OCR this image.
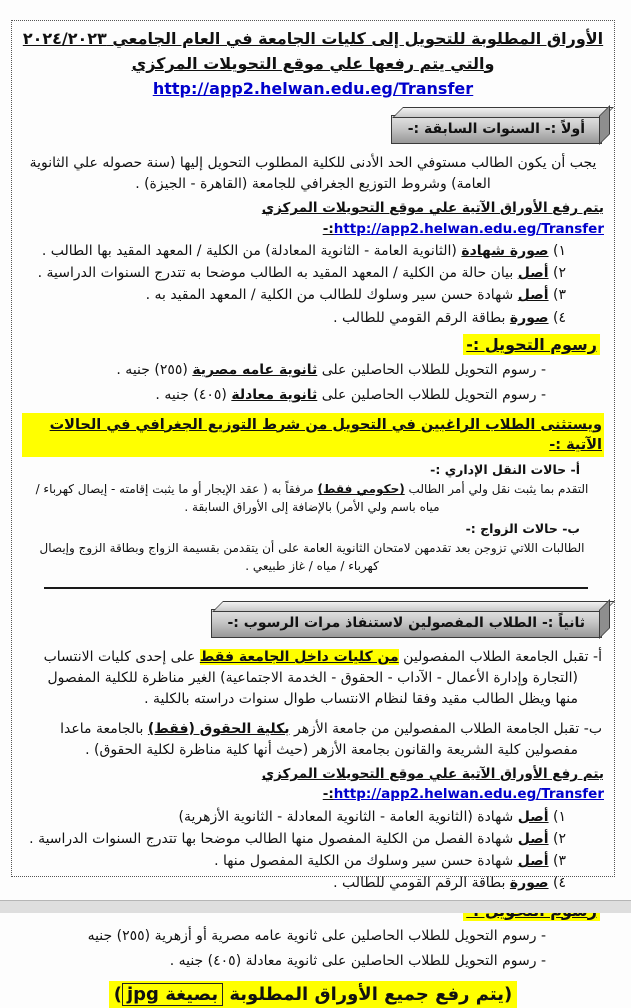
الأوراق المطلوبة للتحويل إلى كليات الجامعة في العام الجامعي ٢٠٢٤/٢٠٢٣ والتي يتم رفعها علي موقع التحويلات المركزي http://app2.helwan.edu.eg/Transfer

أولاً :- السنوات السابقة :-

يجب أن يكون الطالب مستوفي الحد الأدنى للكلية المطلوب التحويل إليها (سنة حصوله علي الثانوية العامة) وشروط التوزيع الجغرافي للجامعة (القاهرة - الجيزة) .

يتم رفع الأوراق الآتية علي موقع التحويلات المركزي http://app2.helwan.edu.eg/Transfer:-

١) صورة شهادة (الثانوية العامة - الثانوية المعادلة) من الكلية / المعهد المقيد بها الطالب .

٢) أصل بيان حالة من الكلية / المعهد المقيد به الطالب موضحا به تتدرج السنوات الدراسية .

٣) أصل شهادة حسن سير وسلوك للطالب من الكلية / المعهد المقيد به .

٤) صورة بطاقة الرقم القومي للطالب .

رسوم التحويل :-

- رسوم التحويل للطلاب الحاصلين على ثانوية عامه مصرية (٢٥٥) جنيه .

- رسوم التحويل للطلاب الحاصلين على ثانوية معادلة (٤٠٥) جنيه .

ويستثنى الطلاب الراغبين في التحويل من شرط التوزيع الجغرافي في الحالات الآتية :-

أ- حالات النقل الإداري :-

التقدم بما يثبت نقل ولي أمر الطالب (حكومي فقط) مرفقاً به ( عقد الإيجار أو ما يثبت إقامته - إيصال كهرباء / مياه باسم ولي الأمر) بالإضافة إلى الأوراق السابقة .

ب- حالات الزواج :-

الطالبات اللاتي تزوجن بعد تقدمهن لامتحان الثانوية العامة على أن يتقدمن بقسيمة الزواج وبطاقة الزوج وإيصال كهرباء / مياه / غاز طبيعي .

ثانياً :- الطلاب المفصولين لاستنفاذ مرات الرسوب :-

أ- تقبل الجامعة الطلاب المفصولين من كليات داخل الجامعة فقط على إحدى كليات الانتساب (التجارة وإدارة الأعمال - الآداب - الحقوق - الخدمة الاجتماعية) الغير مناظرة للكلية المفصول منها ويظل الطالب مقيد وفقا لنظام الانتساب طوال سنوات دراسته بالكلية .

ب- تقبل الجامعة الطلاب المفصولين من جامعة الأزهر بكلية الحقوق (فقط) بالجامعة ماعدا مفصولين كلية الشريعة والقانون بجامعة الأزهر (حيث أنها كلية مناظرة لكلية الحقوق) .

يتم رفع الأوراق الآتية علي موقع التحويلات المركزي http://app2.helwan.edu.eg/Transfer:-

١) أصل شهادة (الثانوية العامة - الثانوية المعادلة - الثانوية الأزهرية)

٢) أصل شهادة الفصل من الكلية المفصول منها الطالب موضحا بها تتدرج السنوات الدراسية .

٣) أصل شهادة حسن سير وسلوك من الكلية المفصول منها .

٤) صورة بطاقة الرقم القومي للطالب .

- رسوم التحويل للطلاب الحاصلين على ثانوية عامه مصرية أو أزهرية (٢٥٥) جنيه

- رسوم التحويل للطلاب الحاصلين على ثانوية معادلة (٤٠٥) جنيه .

(يتم رفع جميع الأوراق المطلوبة بصيغة jpg)
